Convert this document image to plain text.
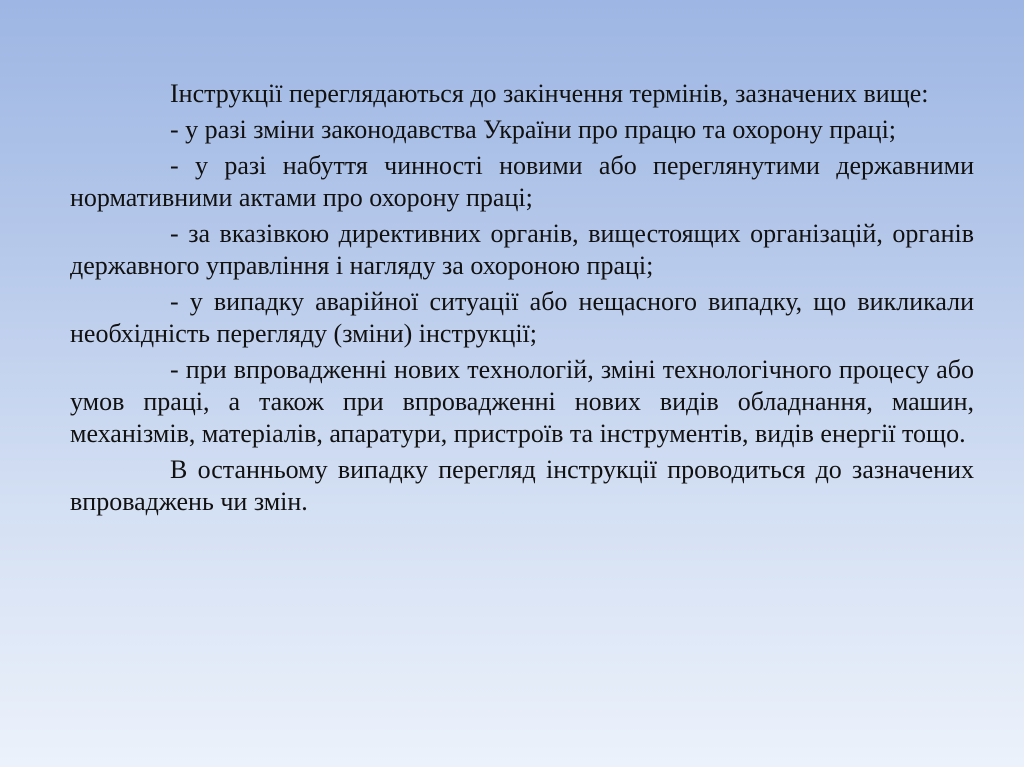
Інструкції переглядаються до закінчення термінів, зазначених вище:

- у разі зміни законодавства України про працю та охорону праці;

- у разі набуття чинності новими або переглянутими державними нормативними актами про охорону праці;

- за вказівкою директивних органів, вищестоящих організацій, органів державного управління і нагляду за охороною праці;

- у випадку аварійної ситуації або нещасного випадку, що викликали необхідність перегляду (зміни) інструкції;

- при впровадженні нових технологій, зміні технологічного процесу або умов праці, а також при впровадженні нових видів обладнання, машин, механізмів, матеріалів, апаратури, пристроїв та інструментів, видів енергії тощо.

В останньому випадку перегляд інструкції проводиться до зазначених впроваджень чи змін.
